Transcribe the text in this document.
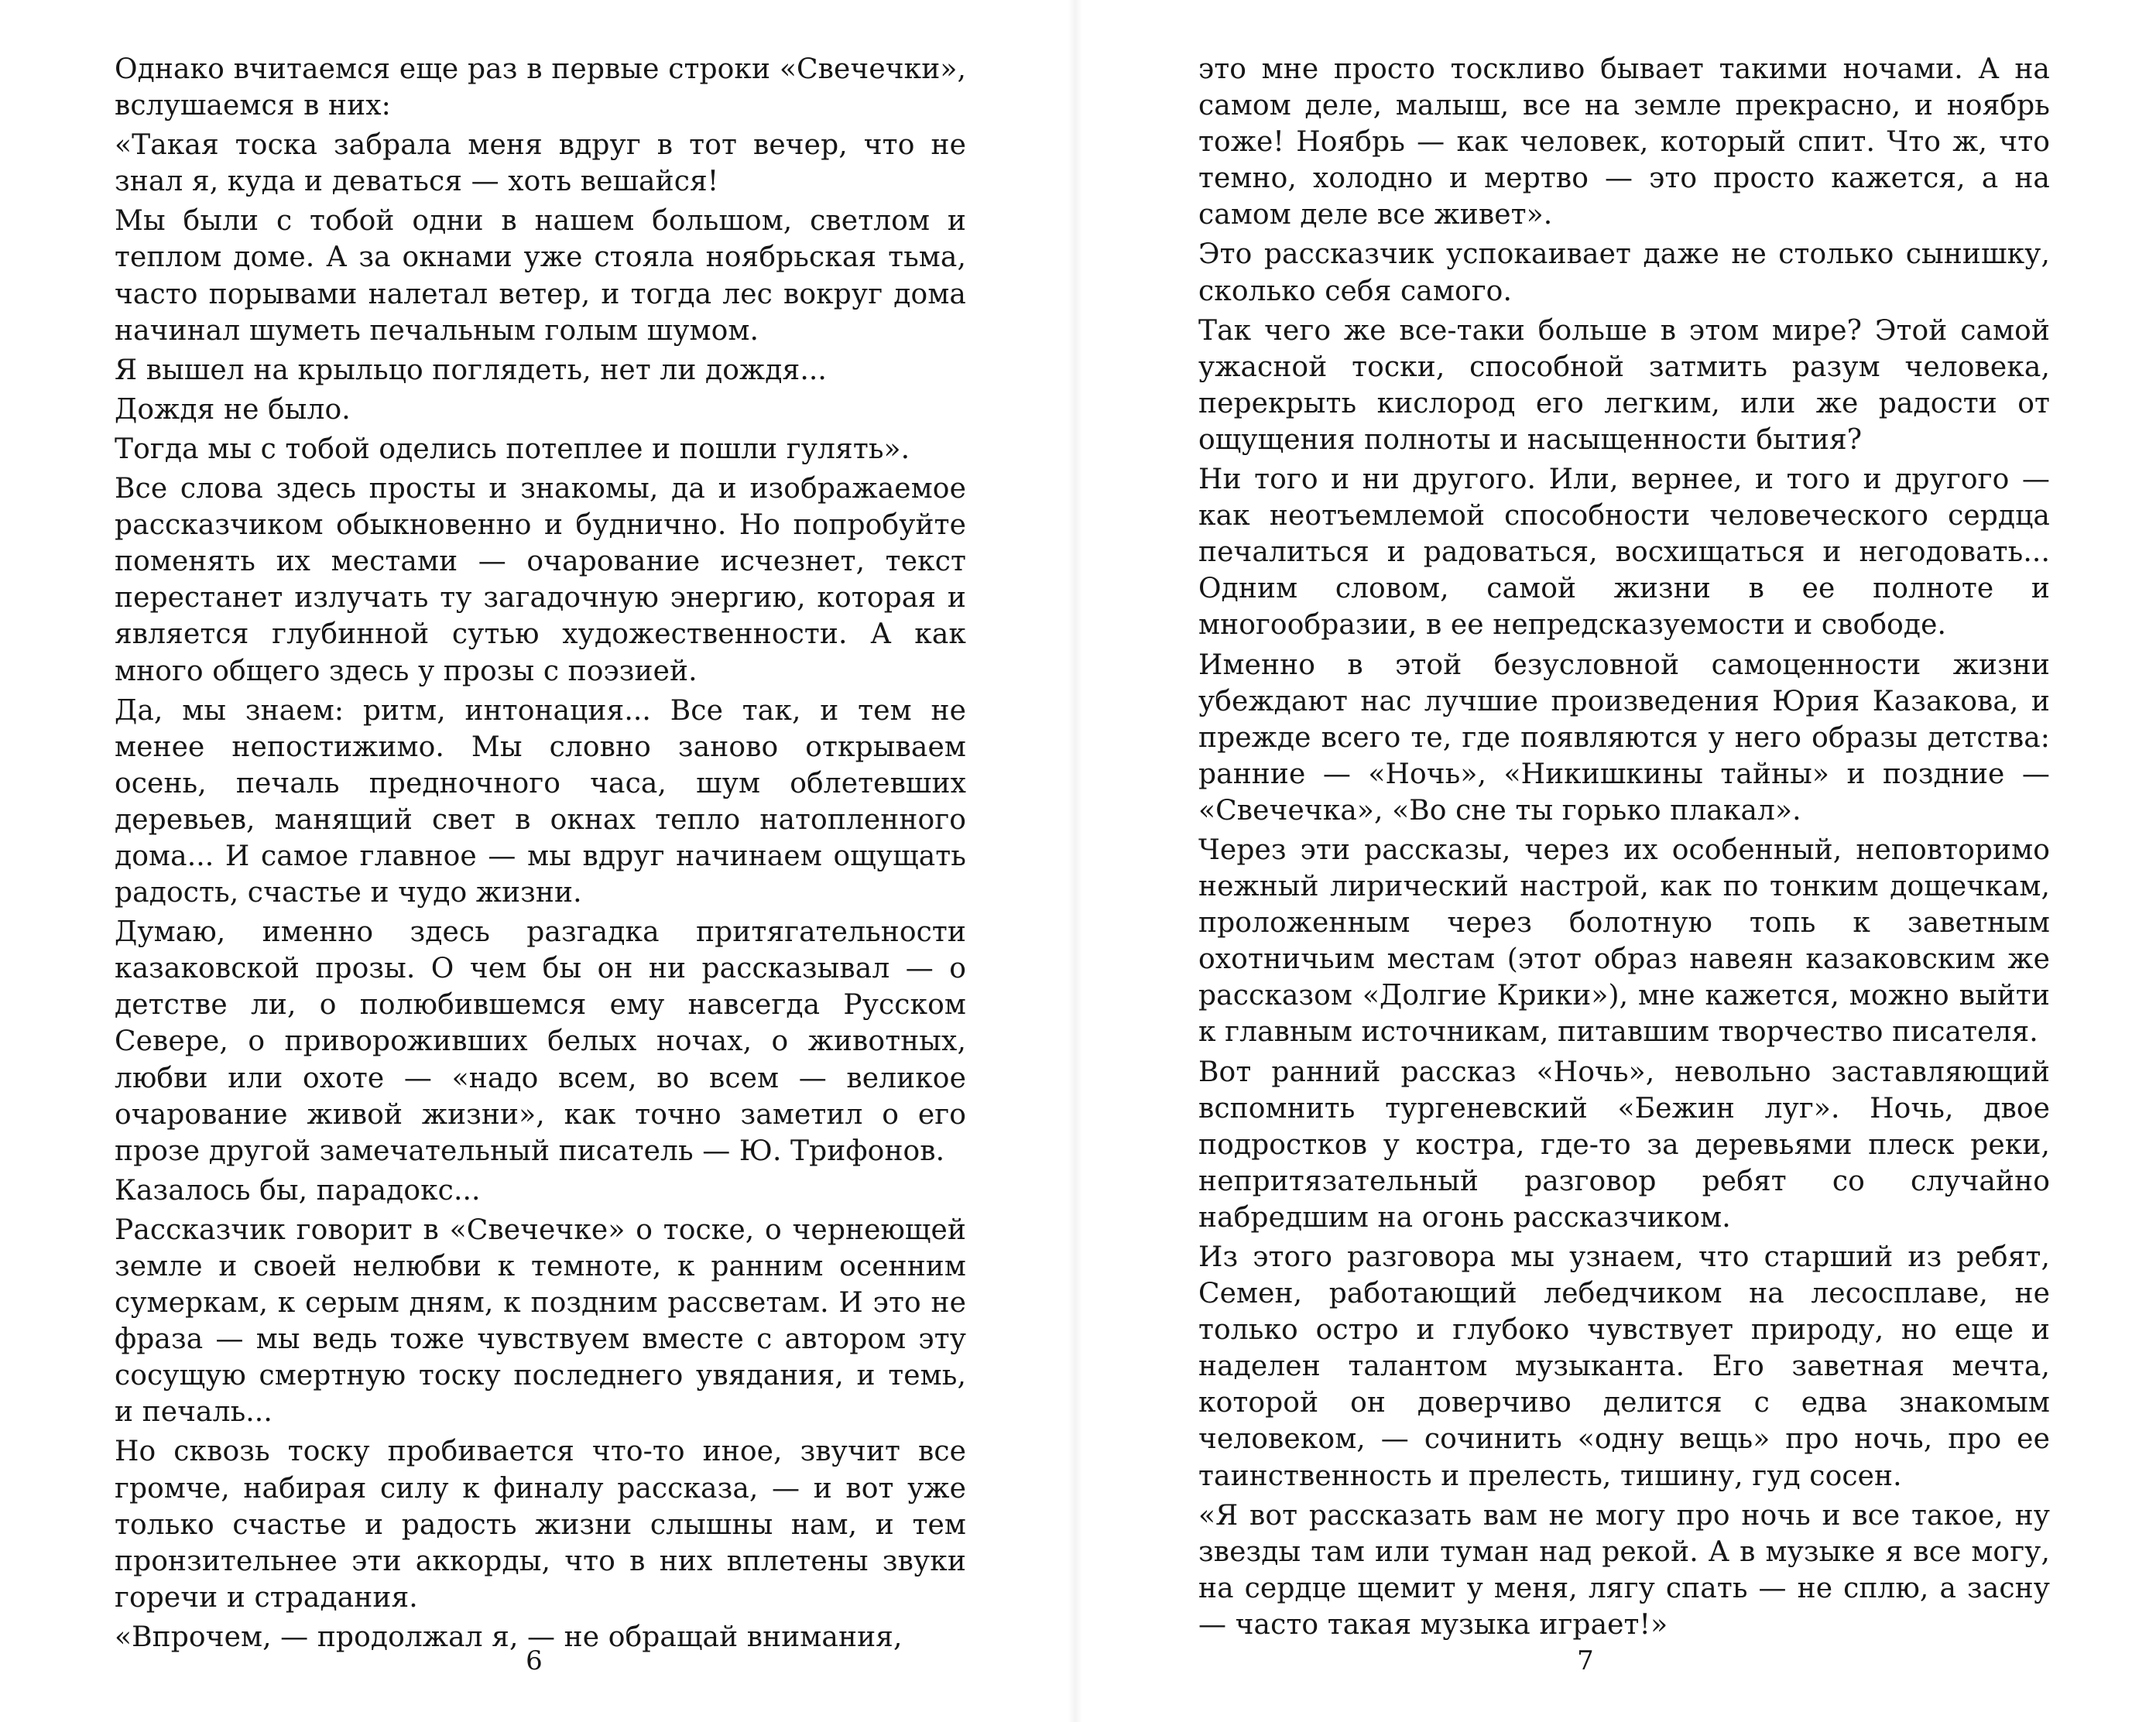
Однако вчитаемся еще раз в первые строки «Свечечки», вслушаемся в них:

«Такая тоска забрала меня вдруг в тот вечер, что не знал я, куда и деваться — хоть вешайся!

Мы были с тобой одни в нашем большом, светлом и теплом доме. А за окнами уже стояла ноябрьская тьма, часто порывами налетал ветер, и тогда лес вокруг дома начинал шуметь печальным голым шумом.

Я вышел на крыльцо поглядеть, нет ли дождя...

Дождя не было.

Тогда мы с тобой оделись потеплее и пошли гулять».

Все слова здесь просты и знакомы, да и изображаемое рассказчиком обыкновенно и буднично. Но попробуйте поменять их местами — очарование исчезнет, текст перестанет излучать ту загадочную энергию, которая и является глубинной сутью художественности. А как много общего здесь у прозы с поэзией.

Да, мы знаем: ритм, интонация... Все так, и тем не менее непостижимо. Мы словно заново открываем осень, печаль предночного часа, шум облетевших деревьев, манящий свет в окнах тепло натопленного дома... И самое главное — мы вдруг начинаем ощущать радость, счастье и чудо жизни.

Думаю, именно здесь разгадка притягательности казаковской прозы. О чем бы он ни рассказывал — о детстве ли, о полюбившемся ему навсегда Русском Севере, о привороживших белых ночах, о животных, любви или охоте — «надо всем, во всем — великое очарование живой жизни», как точно заметил о его прозе другой замечательный писатель — Ю. Трифонов.

Казалось бы, парадокс...

Рассказчик говорит в «Свечечке» о тоске, о чернеющей земле и своей нелюбви к темноте, к ранним осенним сумеркам, к серым дням, к поздним рассветам. И это не фраза — мы ведь тоже чувствуем вместе с автором эту сосущую смертную тоску последнего увядания, и темь, и печаль...

Но сквозь тоску пробивается что-то иное, звучит все громче, набирая силу к финалу рассказа, — и вот уже только счастье и радость жизни слышны нам, и тем пронзительнее эти аккорды, что в них вплетены звуки горечи и страдания.

«Впрочем, — продолжал я, — не обращай внимания,

6

это мне просто тоскливо бывает такими ночами. А на самом деле, малыш, все на земле прекрасно, и ноябрь тоже! Ноябрь — как человек, который спит. Что ж, что темно, холодно и мертво — это просто кажется, а на самом деле все живет».

Это рассказчик успокаивает даже не столько сынишку, сколько себя самого.

Так чего же все-таки больше в этом мире? Этой самой ужасной тоски, способной затмить разум человека, перекрыть кислород его легким, или же радости от ощущения полноты и насыщенности бытия?

Ни того и ни другого. Или, вернее, и того и другого — как неотъемлемой способности человеческого сердца печалиться и радоваться, восхищаться и негодовать... Одним словом, самой жизни в ее полноте и многообразии, в ее непредсказуемости и свободе.

Именно в этой безусловной самоценности жизни убеждают нас лучшие произведения Юрия Казакова, и прежде всего те, где появляются у него образы детства: ранние — «Ночь», «Никишкины тайны» и поздние — «Свечечка», «Во сне ты горько плакал».

Через эти рассказы, через их особенный, неповторимо нежный лирический настрой, как по тонким дощечкам, проложенным через болотную топь к заветным охотничьим местам (этот образ навеян казаковским же рассказом «Долгие Крики»), мне кажется, можно выйти к главным источникам, питавшим творчество писателя.

Вот ранний рассказ «Ночь», невольно заставляющий вспомнить тургеневский «Бежин луг». Ночь, двое подростков у костра, где-то за деревьями плеск реки, непритязательный разговор ребят со случайно набредшим на огонь рассказчиком.

Из этого разговора мы узнаем, что старший из ребят, Семен, работающий лебедчиком на лесосплаве, не только остро и глубоко чувствует природу, но еще и наделен талантом музыканта. Его заветная мечта, которой он доверчиво делится с едва знакомым человеком, — сочинить «одну вещь» про ночь, про ее таинственность и прелесть, тишину, гуд сосен.

«Я вот рассказать вам не могу про ночь и все такое, ну звезды там или туман над рекой. А в музыке я все могу, на сердце щемит у меня, лягу спать — не сплю, а засну — часто такая музыка играет!»

7
